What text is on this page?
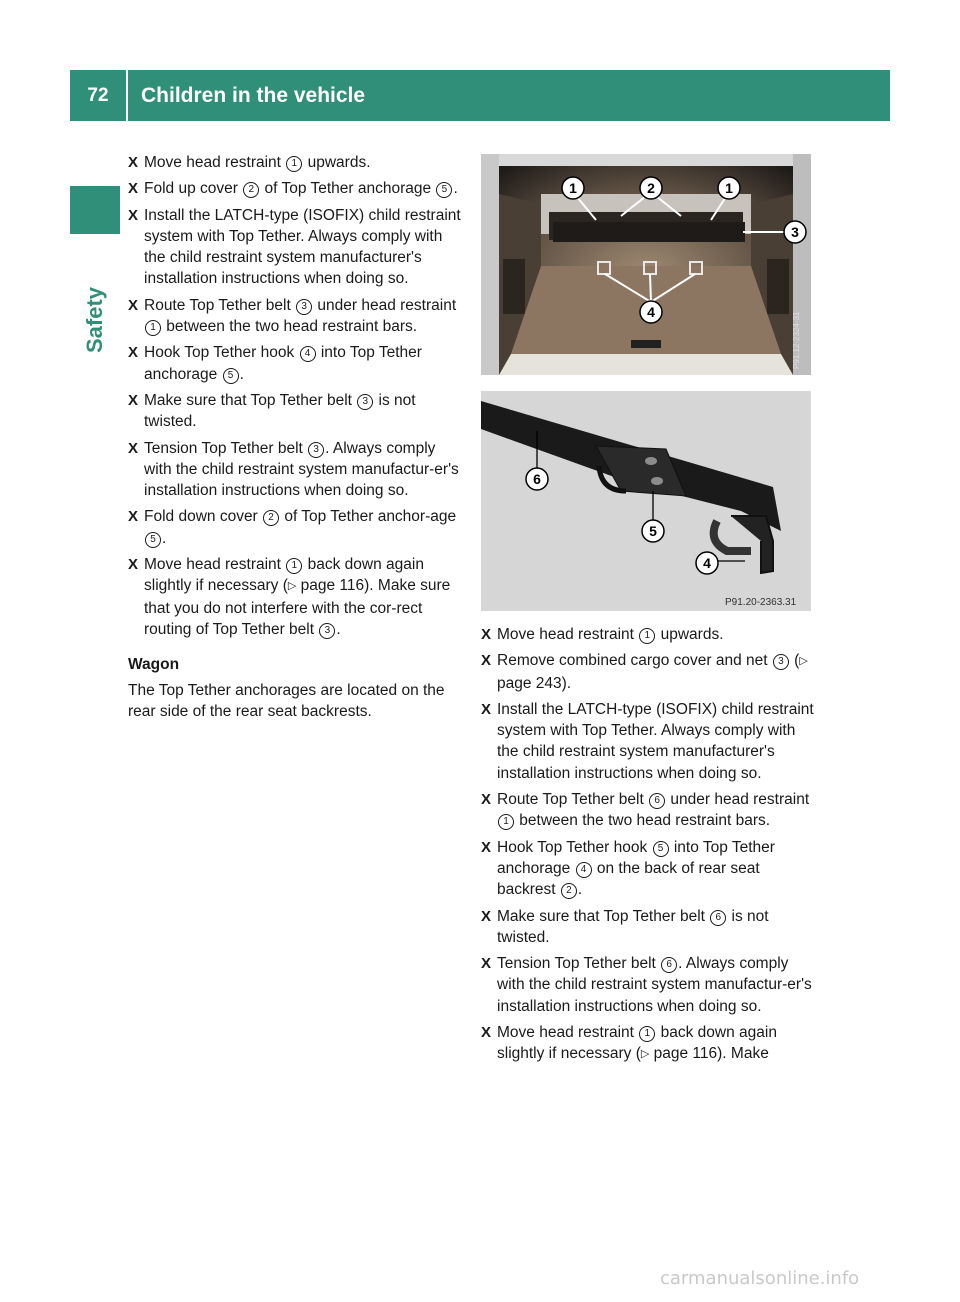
72	Children in the vehicle
Safety
X Move head restraint 1 upwards.
X Fold up cover 2 of Top Tether anchorage 5 .
X Install the LATCH-type (ISOFIX) child restraint system with Top Tether. Always comply with the child restraint system manufacturer's installation instructions when doing so.
X Route Top Tether belt 3 under head restraint 1 between the two head restraint bars.
X Hook Top Tether hook 4 into Top Tether anchorage 5 .
X Make sure that Top Tether belt 3 is not twisted.
X Tension Top Tether belt 3 . Always comply with the child restraint system manufactur-er's installation instructions when doing so.
X Fold down cover 2 of Top Tether anchor-age 5 .
X Move head restraint 1 back down again slightly if necessary (▷ page 116). Make sure that you do not interfere with the cor-rect routing of Top Tether belt 3 .
Wagon

The Top Tether anchorages are located on the rear side of the rear seat backrests.

1	2	1
3
4	P91.12-2324-31
6
5
4
P91.20-2363.31
X Move head restraint 1 upwards.
X Remove combined cargo cover and net 3 (▷ page 243).
X Install the LATCH-type (ISOFIX) child restraint system with Top Tether. Always comply with the child restraint system manufacturer's installation instructions when doing so.
X Route Top Tether belt 6 under head restraint 1 between the two head restraint bars.
X Hook Top Tether hook 5 into Top Tether anchorage 4 on the back of rear seat backrest 2 .
X Make sure that Top Tether belt 6 is not twisted.
X Tension Top Tether belt 6 . Always comply with the child restraint system manufactur-er's installation instructions when doing so.
X Move head restraint 1 back down again slightly if necessary (▷ page 116). Make
carmanualsonline.info
